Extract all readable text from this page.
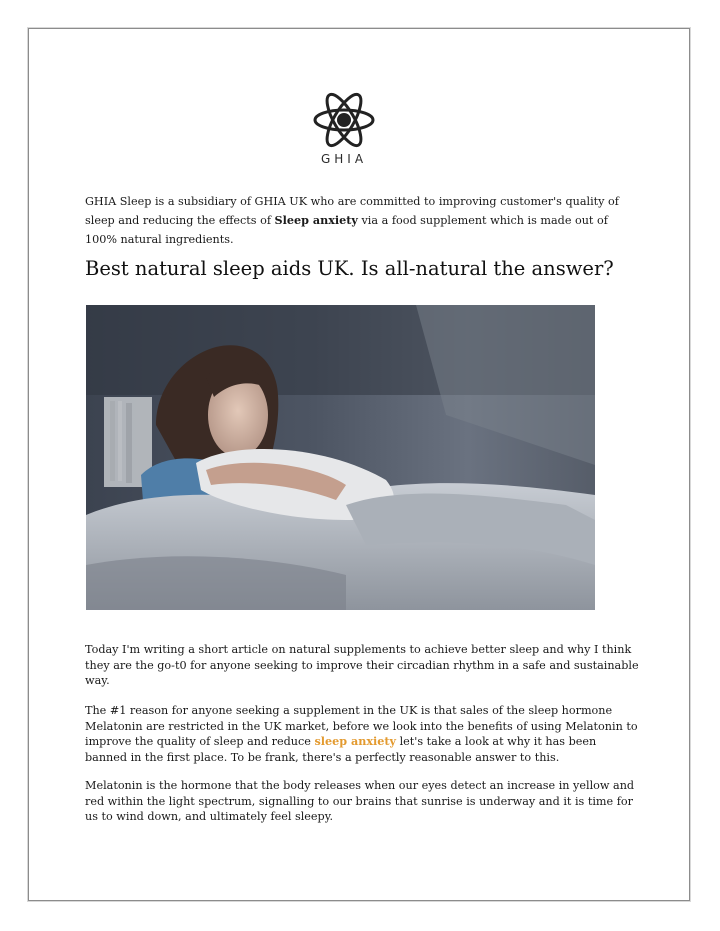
GHIA

GHIA Sleep is a subsidiary of GHIA UK who are committed to improving customer's quality of sleep and reducing the effects of Sleep anxiety via a food supplement which is made out of 100% natural ingredients.

Best natural sleep aids UK. Is all-natural the answer?

Today I'm writing a short article on natural supplements to achieve better sleep and why I think they are the go-t0 for anyone seeking to improve their circadian rhythm in a safe and sustainable way.

The #1 reason for anyone seeking a supplement in the UK is that sales of the sleep hormone Melatonin are restricted in the UK market, before we look into the benefits of using Melatonin to improve the quality of sleep and reduce sleep anxiety let's take a look at why it has been banned in the first place. To be frank, there's a perfectly reasonable answer to this.

Melatonin is the hormone that the body releases when our eyes detect an increase in yellow and red within the light spectrum, signalling to our brains that sunrise is underway and it is time for us to wind down, and ultimately feel sleepy.
